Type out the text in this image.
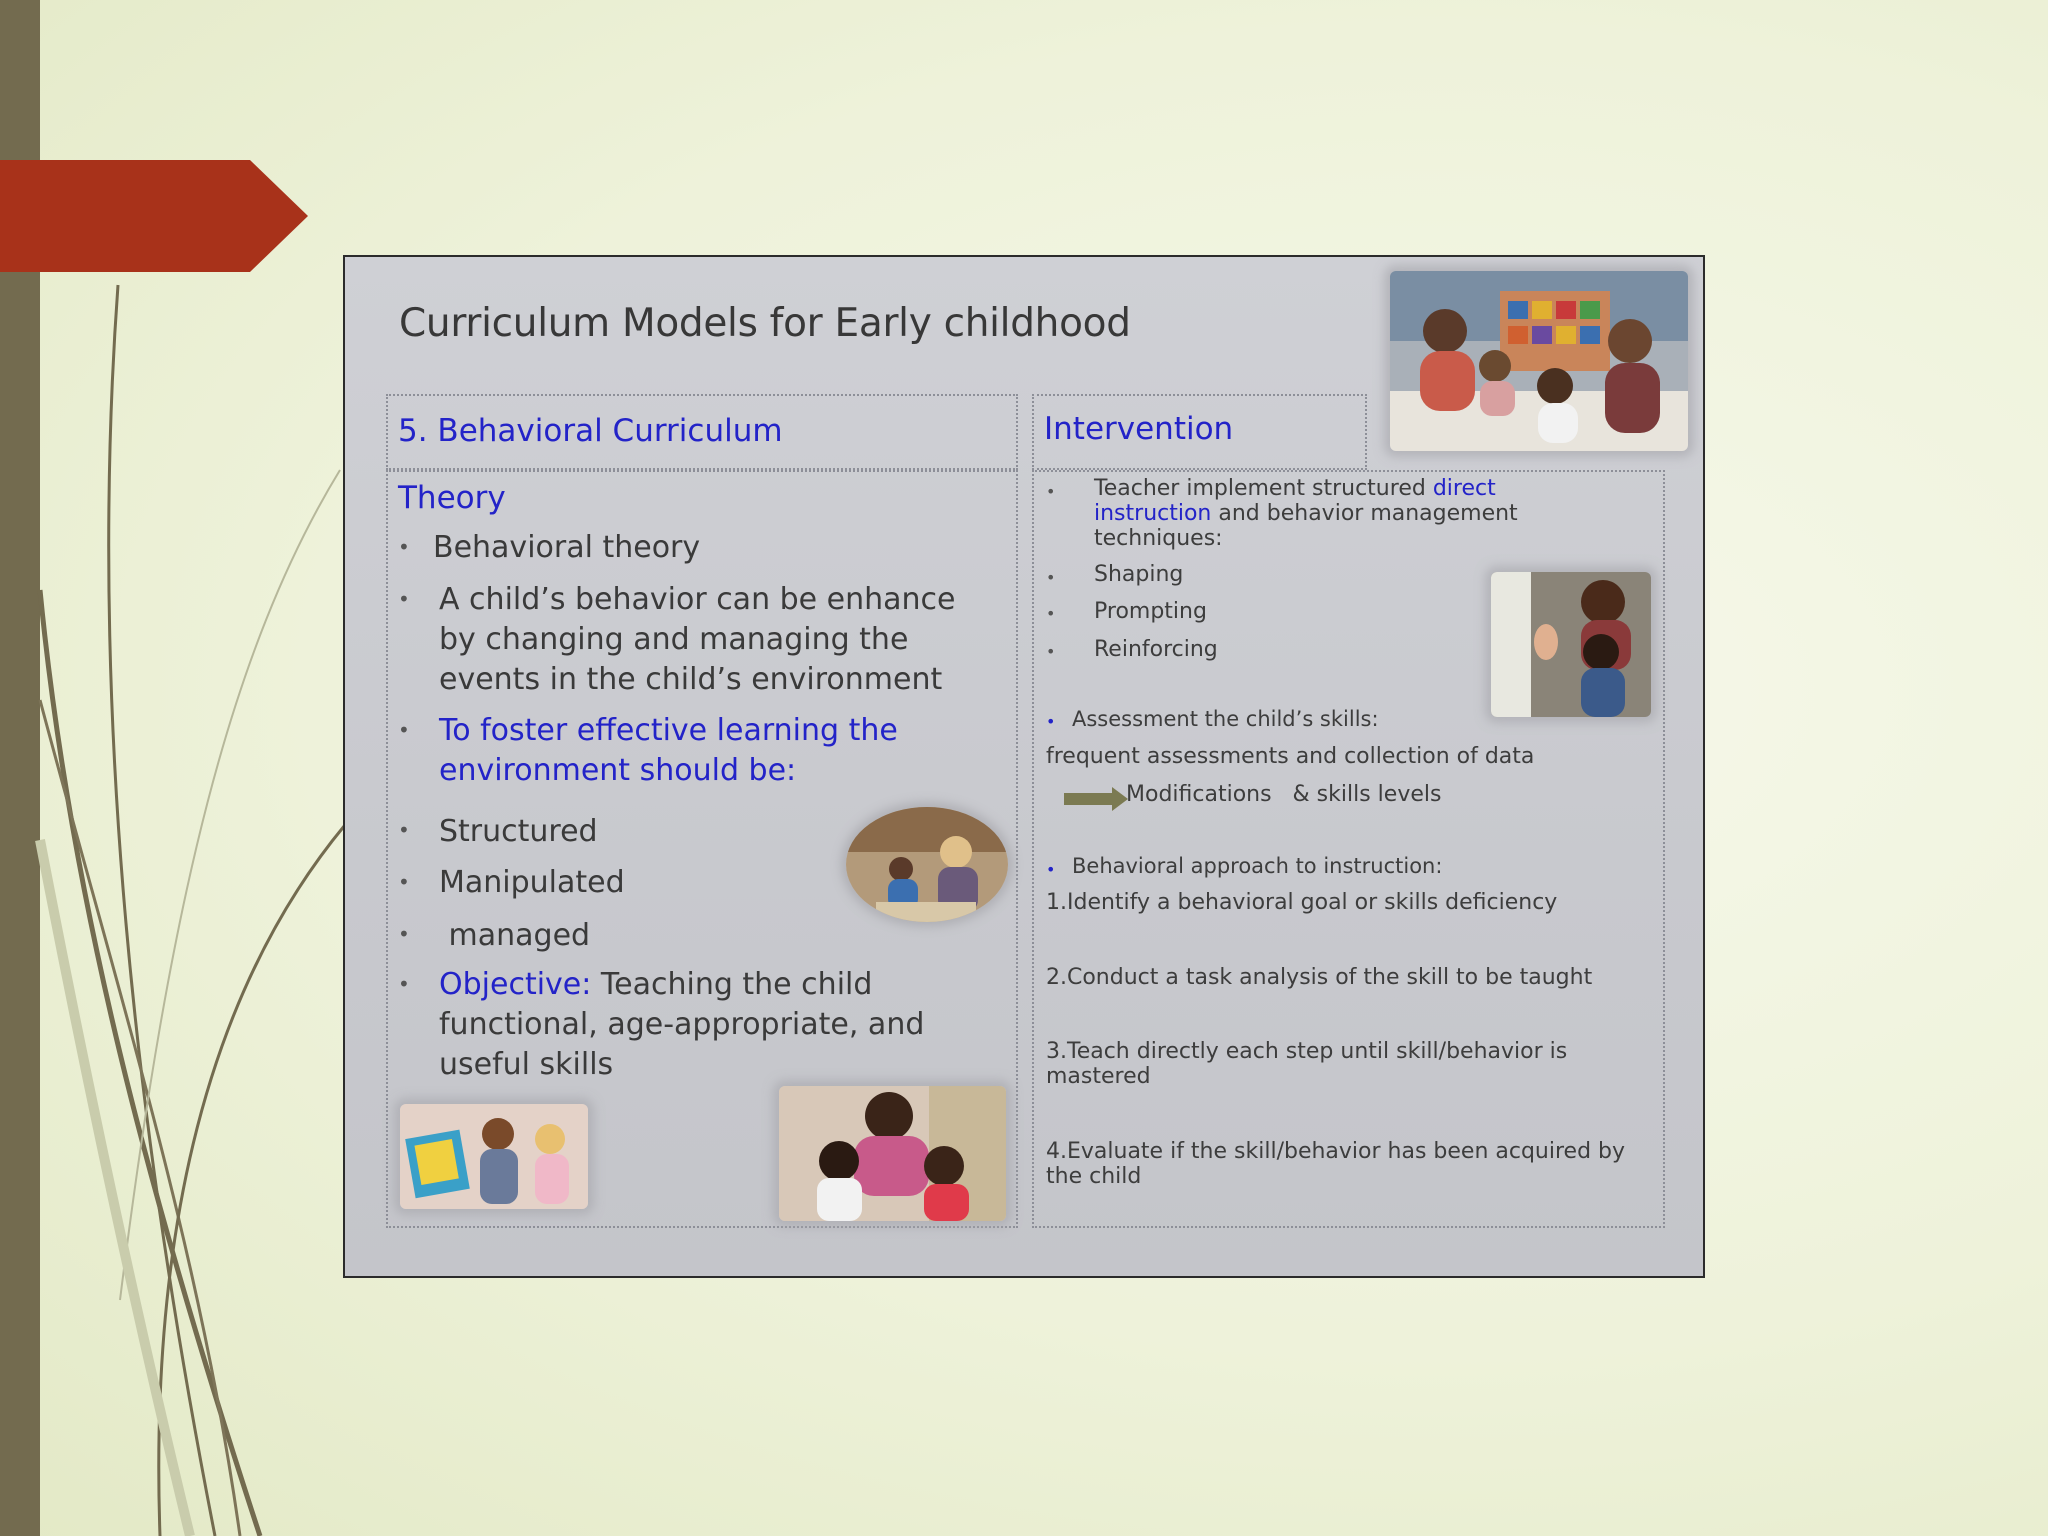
Curriculum Models for Early childhood
5. Behavioral Curriculum
Theory
• Behavioral theory
• A child’s behavior can be enhance by changing and managing the events in the child’s environment
• To foster effective learning the environment should be:
• Structured
• Manipulated
• managed
• Objective: Teaching the child functional, age-appropriate, and useful skills
Intervention
• Teacher implement structured direct instruction and behavior management techniques:
• Shaping
• Prompting
• Reinforcing
• Assessment the child’s skills:
frequent assessments and collection of data
Modifications   & skills levels
• Behavioral approach to instruction:
1.Identify a behavioral goal or skills deficiency
2.Conduct a task analysis of the skill to be taught
3.Teach directly each step until skill/behavior is mastered
4.Evaluate if the skill/behavior has been acquired by the child
